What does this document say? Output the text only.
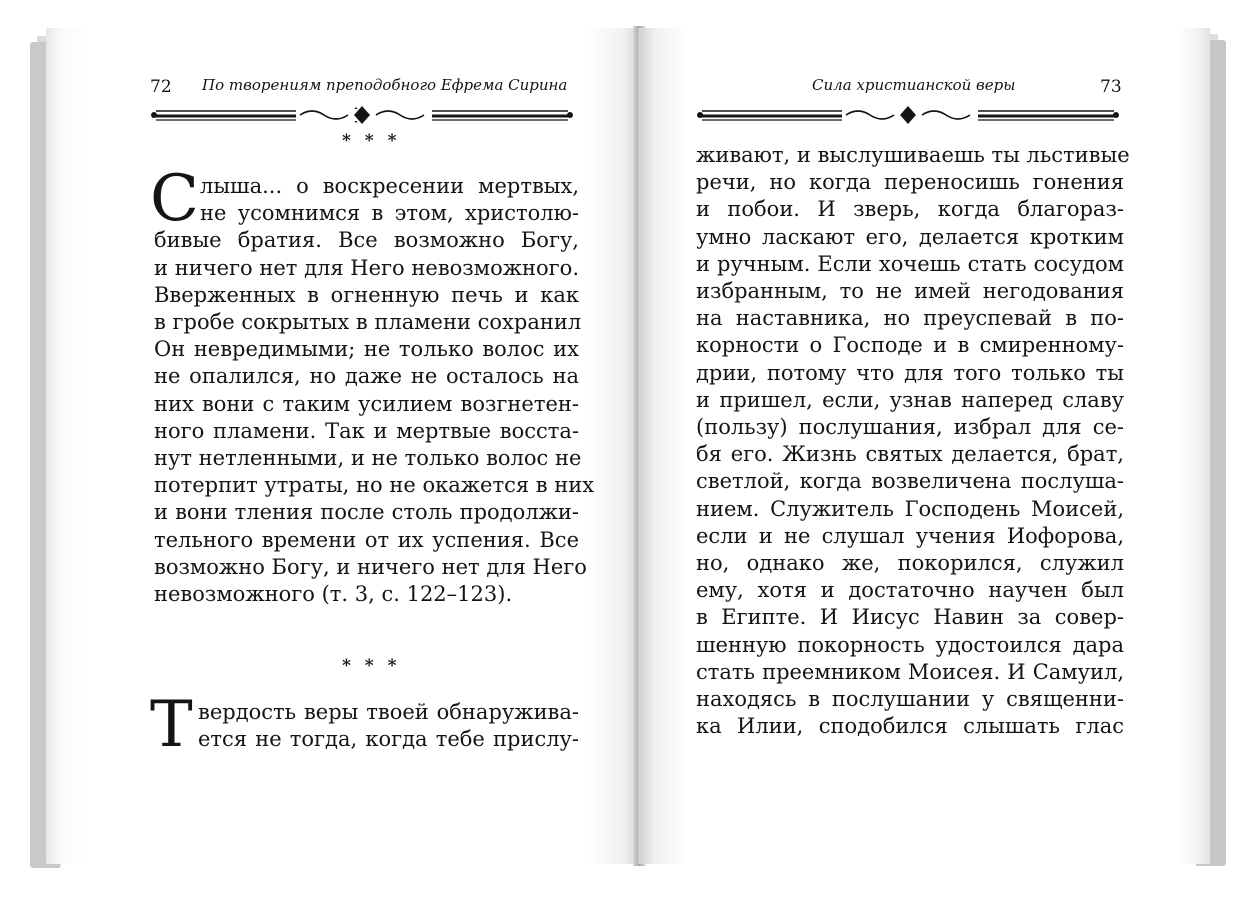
72 По творениям преподобного Ефрема Сирина
* * *
С лыша... о воскресении мертвых,
не усомнимся в этом, христолю-
бивые братия. Все возможно Богу,
и ничего нет для Него невозможного.
Вверженных в огненную печь и как
в гробе сокрытых в пламени сохранил
Он невредимыми; не только волос их
не опалился, но даже не осталось на
них вони с таким усилием возгнетен-
ного пламени. Так и мертвые восста-
нут нетленными, и не только волос не
потерпит утраты, но не окажется в них
и вони тления после столь продолжи-
тельного времени от их успения. Все
возможно Богу, и ничего нет для Него
невозможного (т. 3, с. 122–123).
* * *
Т вердость веры твоей обнаружива-
ется не тогда, когда тебе прислу-
Сила христианской веры	73
живают, и выслушиваешь ты льстивые
речи, но когда переносишь гонения
и побои. И зверь, когда благораз-
умно ласкают его, делается кротким
и ручным. Если хочешь стать сосудом
избранным, то не имей негодования
на наставника, но преуспевай в по-
корности о Господе и в смиренному-
дрии, потому что для того только ты
и пришел, если, узнав наперед славу
(пользу) послушания, избрал для се-
бя его. Жизнь святых делается, брат,
светлой, когда возвеличена послуша-
нием. Служитель Господень Моисей,
если и не слушал учения Иофорова,
но, однако же, покорился, служил
ему, хотя и достаточно научен был
в Египте. И Иисус Навин за совер-
шенную покорность удостоился дара
стать преемником Моисея. И Самуил,
находясь в послушании у священни-
ка Илии, сподобился слышать глас
